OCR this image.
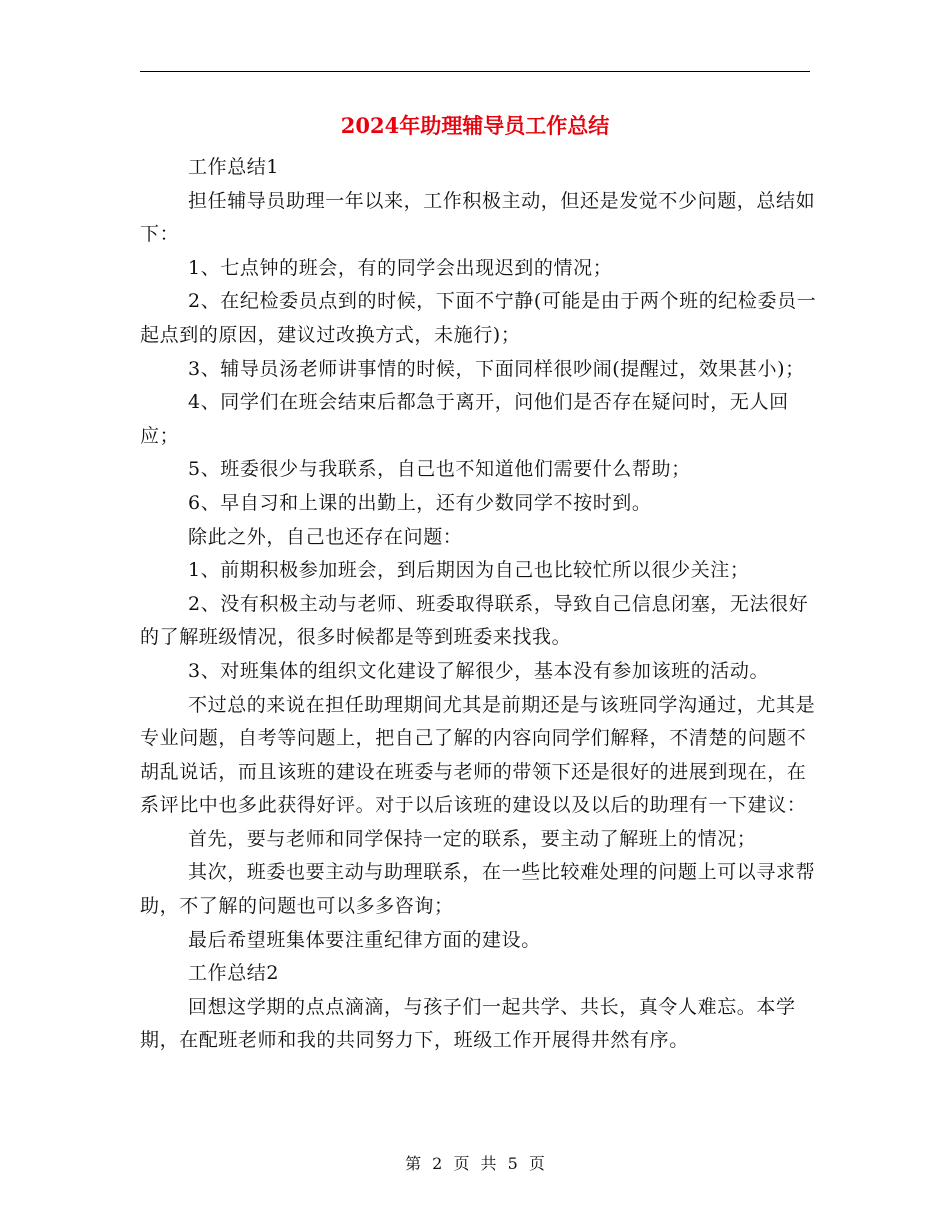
2024年助理辅导员工作总结

工作总结1

担任辅导员助理一年以来，工作积极主动，但还是发觉不少问题，总结如下：

1、七点钟的班会，有的同学会出现迟到的情况；

2、在纪检委员点到的时候，下面不宁静(可能是由于两个班的纪检委员一起点到的原因，建议过改换方式，未施行)；

3、辅导员汤老师讲事情的时候，下面同样很吵闹(提醒过，效果甚小)；

4、同学们在班会结束后都急于离开，问他们是否存在疑问时，无人回应；

5、班委很少与我联系，自己也不知道他们需要什么帮助；

6、早自习和上课的出勤上，还有少数同学不按时到。

除此之外，自己也还存在问题：

1、前期积极参加班会，到后期因为自己也比较忙所以很少关注；

2、没有积极主动与老师、班委取得联系，导致自己信息闭塞，无法很好的了解班级情况，很多时候都是等到班委来找我。

3、对班集体的组织文化建设了解很少，基本没有参加该班的活动。

不过总的来说在担任助理期间尤其是前期还是与该班同学沟通过，尤其是专业问题，自考等问题上，把自己了解的内容向同学们解释，不清楚的问题不胡乱说话，而且该班的建设在班委与老师的带领下还是很好的进展到现在，在系评比中也多此获得好评。对于以后该班的建设以及以后的助理有一下建议：

首先，要与老师和同学保持一定的联系，要主动了解班上的情况；

其次，班委也要主动与助理联系，在一些比较难处理的问题上可以寻求帮助，不了解的问题也可以多多咨询；

最后希望班集体要注重纪律方面的建设。

工作总结2

回想这学期的点点滴滴，与孩子们一起共学、共长，真令人难忘。本学期，在配班老师和我的共同努力下，班级工作开展得井然有序。

第 2 页 共 5 页
